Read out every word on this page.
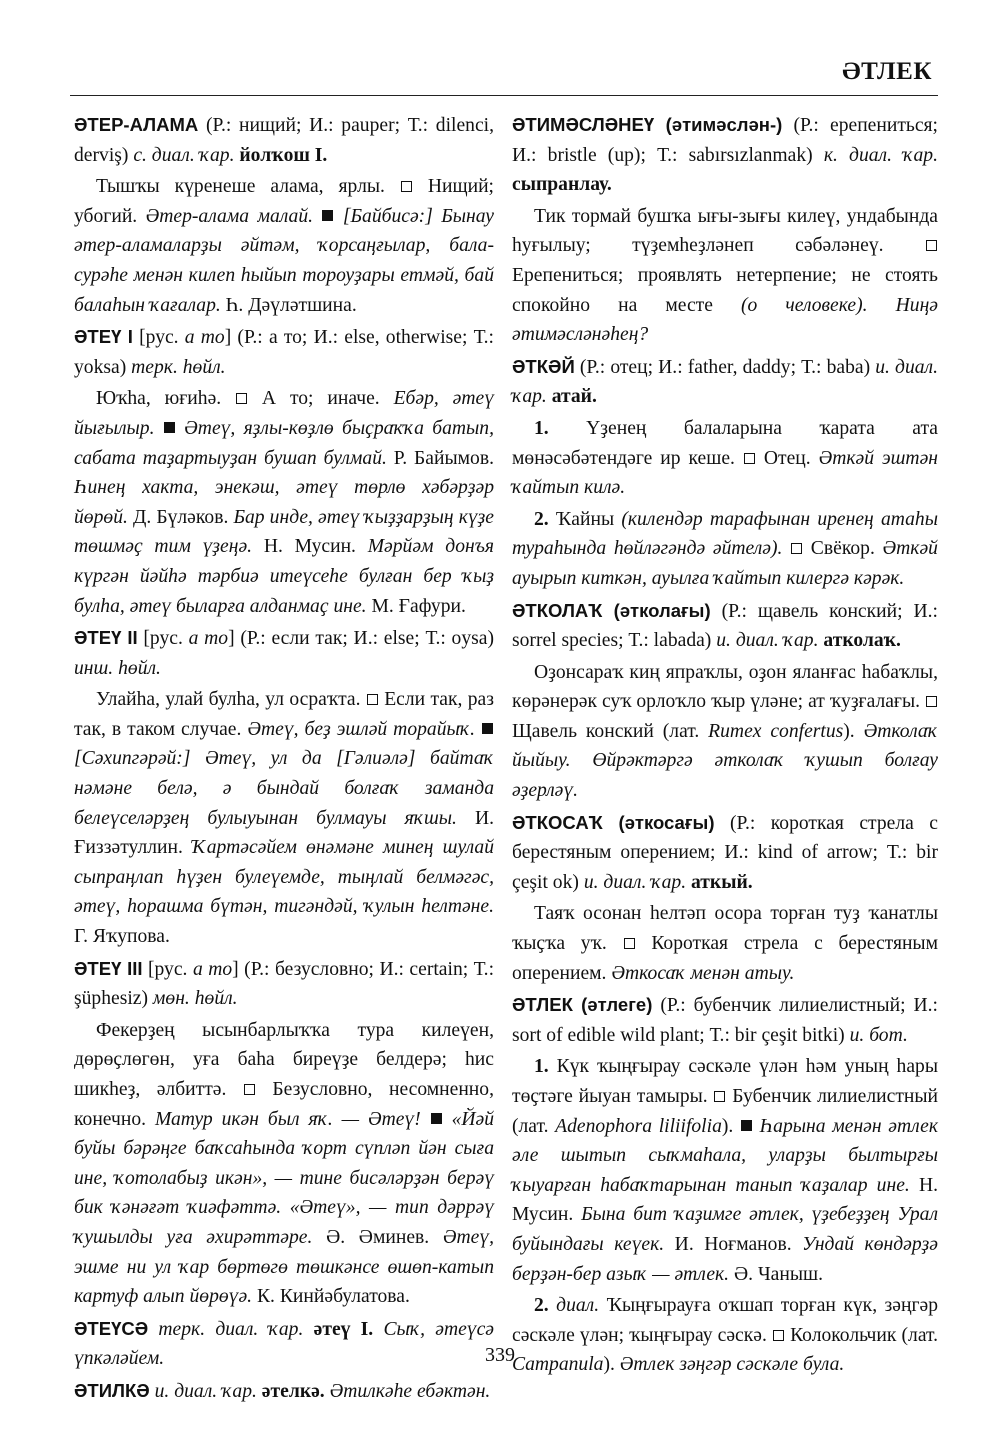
ӘТЛЕК

ӘТЕР-АЛАМА (Р.: нищий; И.: pauper; Т.: dilenci, derviş) с. диал. ҡар. йолҡош I.

Тышҡы күренеше алама, ярлы.  Нищий; убогий. Әтер-алама малай.  [Байбисә:] Бынау әтер-аламаларҙы әйтәм, ҡорсаңғылар, бала-сурәһе менән килеп һыйып тороуҙары етмәй, бай балаһын ҡағалар. Һ. Дәүләтшина.

ӘТЕҮ I [рус. а то] (Р.: а то; И.: else, otherwise; Т.: yoksa) терк. һөйл.

Юҡһа, юғиһә.  А то; иначе. Ебәр, әтеү йығылыр.  Әтеү, яҙлы-көҙлө быҫраҡҡа батып, сабата таҙартыуҙан бушап булмай. Р. Байымов. Һинең хакта, энекәш, әтеү төрлө хәбәрҙәр йөрөй. Д. Бүләков. Бар инде, әтеү ҡыҙҙарҙың күҙе төшмәҫ тим үҙеңә. Н. Мусин. Мәрйәм донъя күргән йәйһә тәрбиә итеүсеһе булған бер ҡыҙ булһа, әтеү быларға алданмаҫ ине. М. Ғафури.

ӘТЕҮ II [рус. а то] (Р.: если так; И.: else; Т.: oysa) инш. һөйл.

Улайһа, улай булһа, ул осраҡта.  Если так, раз так, в таком случае. Әтеү, беҙ эшләй торайыҡ.  [Сәхипгәрәй:] Әтеү, ул да [Гәлиәлә] байтаҡ нәмәне белә, ә бындай болғаҡ заманда белеүселәрҙең булыуынан булмауы яҡшы. И. Ғиззәтуллин. Ҡартәсәйем өнәмәне минең шулай сыпраңлап һүҙен булеүемде, тыңлай белмәгәс, әтеү, һорашма бүтән, тигәндәй, ҡулын һелтәне. Г. Яҡупова.

ӘТЕҮ III [рус. а то] (Р.: безусловно; И.: certain; Т.: şüphesiz) мөн. һөйл.

Фекерҙең ысынбарлыҡҡа тура килеүен, дөрөҫлөгөн, уға баһа биреүҙе белдерә; һис шикһеҙ, әлбиттә.  Безусловно, несомненно, конечно. Матур икән был яҡ. — Әтеү!  «Йәй буйы бәрәңге баҡсаһында ҡорт сүпләп йән сыға ине, ҡотолабыҙ икән», — тине бисәләрҙән берәү бик ҡәнәғәт ҡиәфәттә. «Әтеү», — тип дәррәү ҡушылды уға әхирәттәре. Ә. Әминев. Әтеү, эшме ни ул ҡар бөртөгө төшкәнсе өшөп-катып картуф алып йөрөүә. К. Кинйәбулатова.

ӘТЕҮСӘ терк. диал. ҡар. әтеү I. Сыҡ, әтеүсә үпкәләйем.

ӘТИЛКӘ и. диал. ҡар. әтелкә. Әтилкәһе ебәктән.

ӘТИМӘСЛӘНЕҮ (әтимәслән-) (Р.: ерепениться; И.: bristle (up); Т.: sabırsızlanmak) к. диал. ҡар. сыпранлау.

Тик тормай бушҡа ығы-зығы килеү, ундабында һуғылыу; түҙемһеҙләнеп сәбәләнеү.  Ерепениться; проявлять нетерпение; не стоять спокойно на месте (о человеке). Ниңә әтимәсләнәһең?

ӘТКӘЙ (Р.: отец; И.: father, daddy; Т.: baba) и. диал. ҡар. атай.

1. Үҙенең балаларына ҡарата ата мөнәсәбәтендәге ир кеше.  Отец. Әткәй эштән ҡайтып килә.

2. Ҡайны (килендәр тарафынан иренең атаһы тураһында һөйләгәндә әйтелә).  Свёкор. Әткәй ауырып киткән, ауылға ҡайтып килергә кәрәк.

ӘТКОЛАҠ (әтколағы) (Р.: щавель конский; И.: sorrel species; Т.: labada) и. диал. ҡар. атколаҡ.

Оҙонсараҡ киң япраҡлы, оҙон яланғас һабаҡлы, көрәнерәк суҡ орлоҡло ҡыр үләне; ат ҡуҙғалағы.  Щавель конский (лат. Rumex confertus). Әтколаҡ йыйыу. Өйрәктәргә әтколаҡ ҡушып болғау әҙерләү.

ӘТКОСАҠ (әткосағы) (Р.: короткая стрела с берестяным оперением; И.: kind of arrow; Т.: bir çeşit ok) и. диал. ҡар. аткый.

Таяҡ осонан һелтәп осора торған туҙ ҡанатлы ҡыҫҡа уҡ.  Короткая стрела с берестяным оперением. Әткосаҡ менән атыу.

ӘТЛЕК (әтлеге) (Р.: бубенчик лилиелистный; И.: sort of edible wild plant; Т.: bir çeşit bitki) и. бот.

1. Күк ҡыңғырау сәскәле үлән һәм уның һары төҫтәге йыуан тамыры.  Бубенчик лилиелистный (лат. Adenophora liliifolia).  Һарына менән әтлек әле шытып сыҡмаһала, уларҙы былтырғы ҡыуарған һабаҡтарынан танып ҡаҙалар ине. Н. Мусин. Бына бит ҡаҙимге әтлек, үҙебеҙҙең Урал буйындағы кеүек. И. Ноғманов. Ундай көндәрҙә берҙән-бер азыҡ — әтлек. Ә. Чаныш.

2. диал. Ҡыңғырауға оҡшап торған күк, зәңгәр сәскәле үлән; ҡыңғырау сәскә.  Колокольчик (лат. Campanula). Әтлек зәңгәр сәскәле була.

339
